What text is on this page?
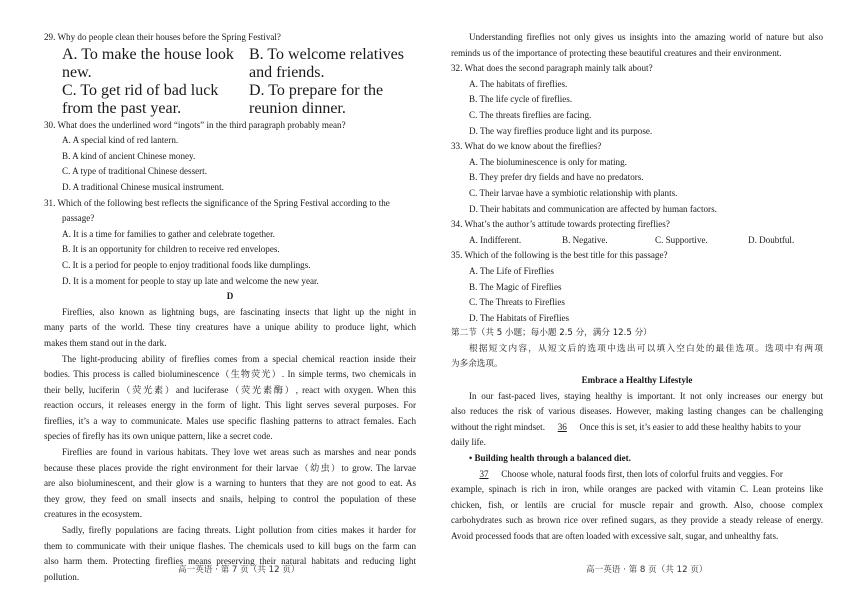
29. Why do people clean their houses before the Spring Festival?
A. To make the house look new.
B. To welcome relatives and friends.
C. To get rid of bad luck from the past year.
D. To prepare for the reunion dinner.
30. What does the underlined word “ingots” in the third paragraph probably mean?
A. A special kind of red lantern.
B. A kind of ancient Chinese money.
C. A type of traditional Chinese dessert.
D. A traditional Chinese musical instrument.
31. Which of the following best reflects the significance of the Spring Festival according to the
passage?
A. It is a time for families to gather and celebrate together.
B. It is an opportunity for children to receive red envelopes.
C. It is a period for people to enjoy traditional foods like dumplings.
D. It is a moment for people to stay up late and welcome the new year.
D
Fireflies, also known as lightning bugs, are fascinating insects that light up the night in
many parts of the world. These tiny creatures have a unique ability to produce light, which
makes them stand out in the dark.
The light-producing ability of fireflies comes from a special chemical reaction inside their
bodies. This process is called bioluminescence（生物荧光）. In simple terms, two chemicals in
their belly, luciferin（荧光素）and luciferase（荧光素酶）, react with oxygen. When this
reaction occurs, it releases energy in the form of light. This light serves several purposes. For
fireflies, it’s a way to communicate. Males use specific flashing patterns to attract females. Each
species of firefly has its own unique pattern, like a secret code.
Fireflies are found in various habitats. They love wet areas such as marshes and near ponds
because these places provide the right environment for their larvae（幼虫）to grow. The larvae
are also bioluminescent, and their glow is a warning to hunters that they are not good to eat. As
they grow, they feed on small insects and snails, helping to control the population of these
creatures in the ecosystem.
Sadly, firefly populations are facing threats. Light pollution from cities makes it harder for
them to communicate with their unique flashes. The chemicals used to kill bugs on the farm can
also harm them. Protecting fireflies means preserving their natural habitats and reducing light
pollution.
Understanding fireflies not only gives us insights into the amazing world of nature but also
reminds us of the importance of protecting these beautiful creatures and their environment.
32. What does the second paragraph mainly talk about?
A. The habitats of fireflies.
B. The life cycle of fireflies.
C. The threats fireflies are facing.
D. The way fireflies produce light and its purpose.
33. What do we know about the fireflies?
A. The bioluminescence is only for mating.
B. They prefer dry fields and have no predators.
C. Their larvae have a symbiotic relationship with plants.
D. Their habitats and communication are affected by human factors.
34. What’s the author’s attitude towards protecting fireflies?
A. Indifferent.	B. Negative.	C. Supportive.	D. Doubtful.
35. Which of the following is the best title for this passage?
A. The Life of Fireflies
B. The Magic of Fireflies
C. The Threats to Fireflies
D. The Habitats of Fireflies
第二节（共 5 小题；每小题 2.5 分，满分 12.5 分）
根据短文内容，从短文后的选项中选出可以填入空白处的最佳选项。选项中有两项
为多余选项。
Embrace a Healthy Lifestyle
In our fast-paced lives, staying healthy is important. It not only increases our energy but
also reduces the risk of various diseases. However, making lasting changes can be challenging
without the right mindset. 36 Once this is set, it’s easier to add these healthy habits to your
daily life.
• Building health through a balanced diet.
37 Choose whole, natural foods first, then lots of colorful fruits and veggies. For
example, spinach is rich in iron, while oranges are packed with vitamin C. Lean proteins like
chicken, fish, or lentils are crucial for muscle repair and growth. Also, choose complex
carbohydrates such as brown rice over refined sugars, as they provide a steady release of energy.
Avoid processed foods that are often loaded with excessive salt, sugar, and unhealthy fats.
高一英语 · 第 7 页（共 12 页）	高一英语 · 第 8 页（共 12 页）
